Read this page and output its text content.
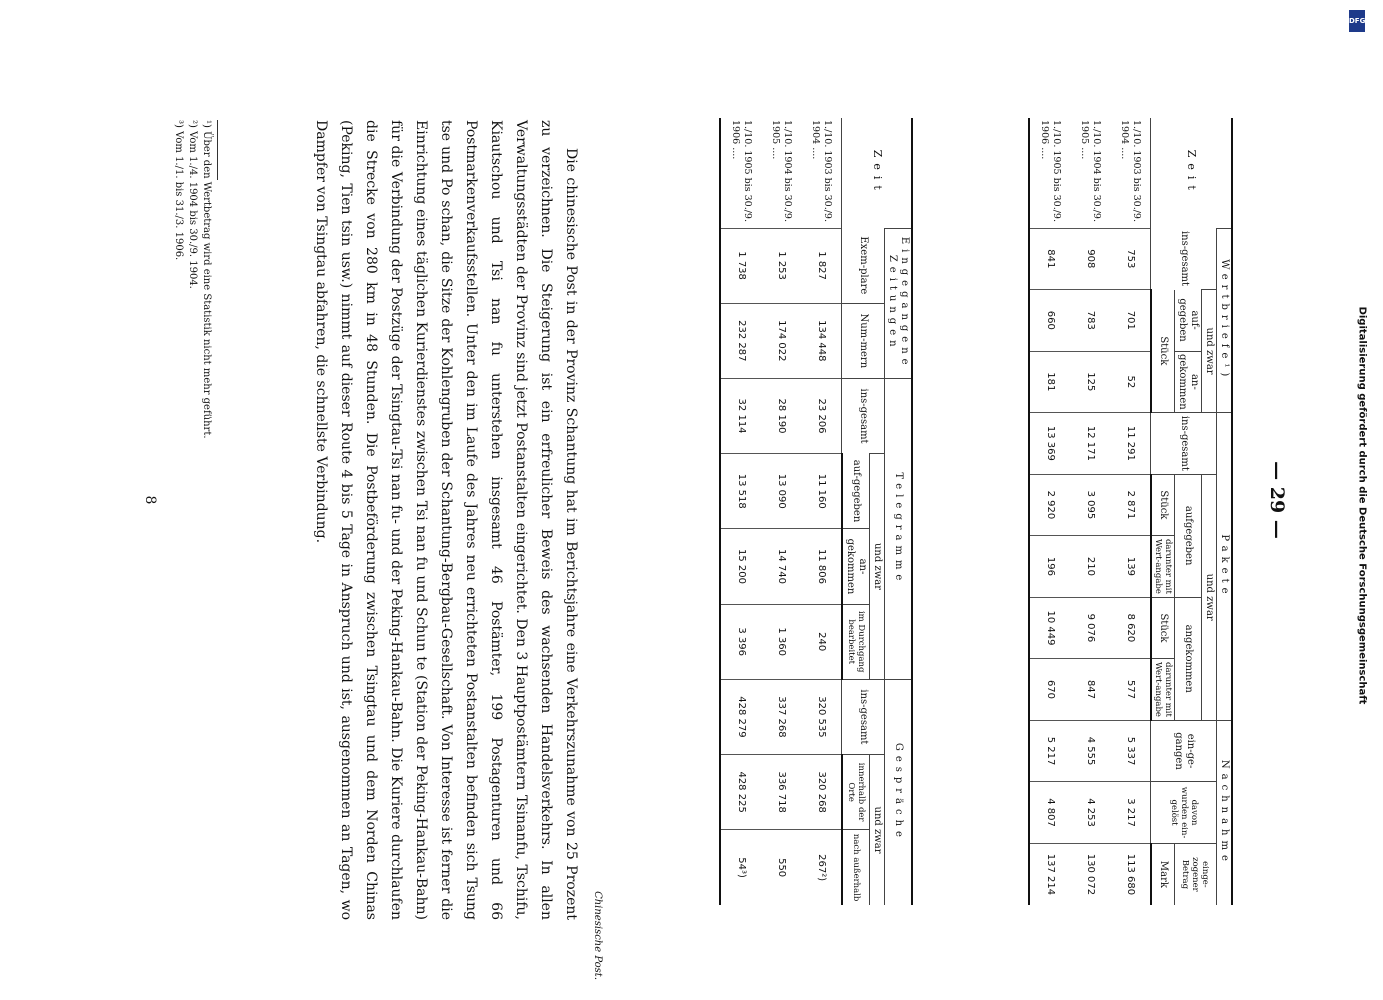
DFG
Digitalisierung gefördert durch die Deutsche Forschungsgemeinschaft
— 29 —
Zeit	Wertbriefe¹)			Pakete					Nachnahme		
	ins-gesamt	und zwar		ins-gesamt	und zwar				ein-ge-gangen	davon wurden ein-gelöst	einge-zogener Betrag
		auf-gegeben	an-gekommen		aufgegeben		angekommen				
		Stück			Stück	darunter mit Wert-angabe	Stück	darunter mit Wert-angabe			Mark
1./10. 1903 bis 30./9. 1904 ....	753	701	52	11 291	2 871	139	8 620	577	5 337	3 217	113 680
1./10. 1904 bis 30./9. 1905 ....	908	783	125	12 171	3 095	210	9 076	847	4 555	4 253	130 072
1./10. 1905 bis 30./9. 1906 ....	841	660	181	13 369	2 920	196	10 449	670	5 217	4 807	137 214
Zeit	Eingegangene Zeitungen		Telegramme				Gespräche		
	Exem-plare	Num-mern	ins-gesamt	und zwar			ins-gesamt	und zwar	
				auf-gegeben	an-gekommen	im Durchgang bearbeitet		innerhalb der Orte	nach außerhalb
1./10. 1903 bis 30./9. 1904 ....	1 827	134 448	23 206	11 160	11 806	240	320 535	320 268	267²)
1./10. 1904 bis 30./9. 1905 ....	1 253	174 022	28 190	13 090	14 740	1 360	337 268	336 718	550
1./10. 1905 bis 30./9. 1906 ....	1 738	232 287	32 114	13 518	15 200	3 396	428 279	428 225	54³)
Die chinesische Post in der Provinz Schantung hat im Berichtsjahre eine Verkehrszunahme von 25 Prozent zu verzeichnen. Die Steigerung ist ein erfreulicher Beweis des wachsenden Handelsverkehrs. In allen Verwaltungsstädten der Provinz sind jetzt Postanstalten eingerichtet. Den 3 Hauptpostämtern Tsinanfu, Tschifu, Kiautschou und Tsi nan fu unterstehen insgesamt 46 Postämter, 199 Postagenturen und 66 Postmarkenverkaufsstellen. Unter den im Laufe des Jahres neu errichteten Postanstalten befinden sich Tsung tse und Po schan, die Sitze der Kohlengruben der Schantung-Bergbau-Gesellschaft. Von Interesse ist ferner die Einrichtung eines täglichen Kurierdienstes zwischen Tsi nan fu und Schun te (Station der Peking-Hankau-Bahn) für die Verbindung der Postzüge der Tsingtau-Tsi nan fu- und der Peking-Hankau-Bahn. Die Kuriere durchlaufen die Strecke von 280 km in 48 Stunden. Die Postbeförderung zwischen Tsingtau und dem Norden Chinas (Peking, Tien tsin usw.) nimmt auf dieser Route 4 bis 5 Tage in Anspruch und ist, ausgenommen an Tagen, wo Dampfer von Tsingtau abfahren, die schnellste Verbindung.
Chinesische Post.
¹) Über den Wertbetrag wird eine Statistik nicht mehr geführt.
²) Vom 1./4. 1904 bis 30./9. 1904.
³) Vom 1./1. bis 31./3. 1906.
8
